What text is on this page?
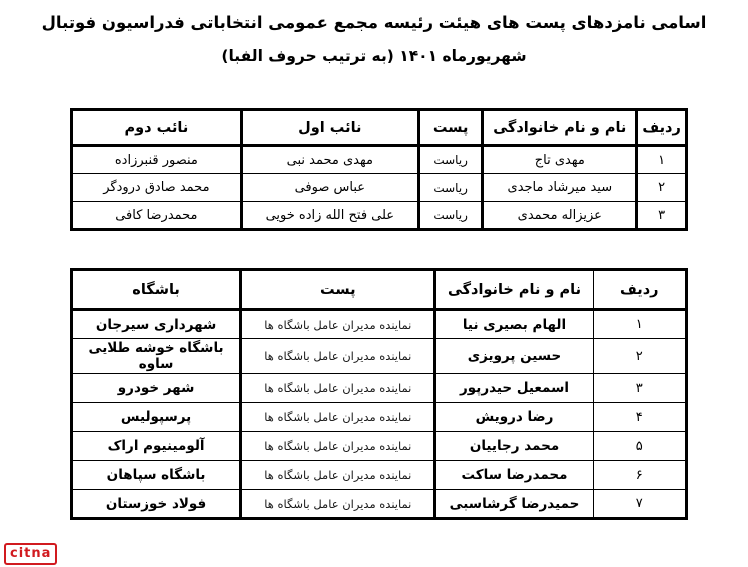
اسامی نامزدهای پست های هیئت رئیسه مجمع عمومی انتخاباتی فدراسیون فوتبال
شهریورماه ۱۴۰۱ (به ترتیب حروف الفبا)
ردیف	نام و نام خانوادگی	پست	نائب اول	نائب دوم
۱	مهدی تاج	ریاست	مهدی محمد نبی	منصور قنبرزاده
۲	سید میرشاد ماجدی	ریاست	عباس صوفی	محمد صادق درودگر
۳	عزیزاله محمدی	ریاست	علی فتح الله زاده خویی	محمدرضا کافی
ردیف	نام و نام خانوادگی	پست	باشگاه
۱	الهام بصیری نیا	نماینده مدیران عامل باشگاه ها	شهرداری سیرجان
۲	حسین پرویزی	نماینده مدیران عامل باشگاه ها	باشگاه خوشه طلایی ساوه
۳	اسمعیل حیدرپور	نماینده مدیران عامل باشگاه ها	شهر خودرو
۴	رضا درویش	نماینده مدیران عامل باشگاه ها	پرسپولیس
۵	محمد رجاییان	نماینده مدیران عامل باشگاه ها	آلومینیوم اراک
۶	محمدرضا ساکت	نماینده مدیران عامل باشگاه ها	باشگاه سپاهان
۷	حمیدرضا گرشاسبی	نماینده مدیران عامل باشگاه ها	فولاد خوزستان
citna
